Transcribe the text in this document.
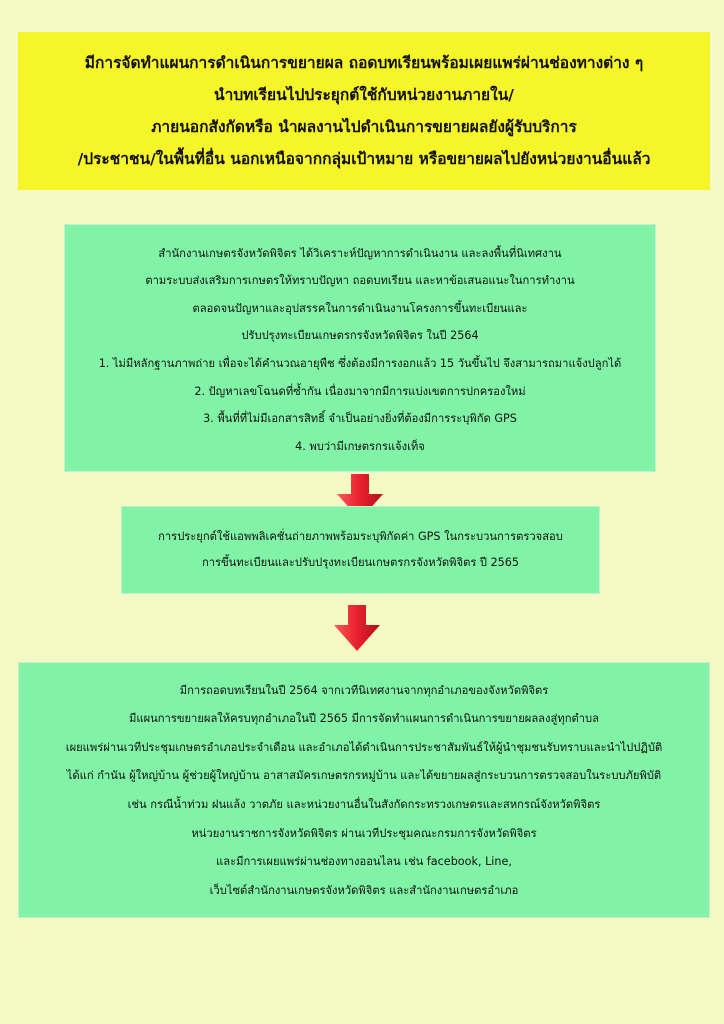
มีการจัดทำแผนการดำเนินการขยายผล ถอดบทเรียนพร้อมเผยแพร่ผ่านช่องทางต่าง ๆ
นำบทเรียนไปประยุกต์ใช้กับหน่วยงานภายใน/
ภายนอกสังกัดหรือ นำผลงานไปดำเนินการขยายผลยังผู้รับบริการ
/ประชาชน/ในพื้นที่อื่น นอกเหนือจากกลุ่มเป้าหมาย หรือขยายผลไปยังหน่วยงานอื่นแล้ว
สำนักงานเกษตรจังหวัดพิจิตร ได้วิเคราะห์ปัญหาการดำเนินงาน และลงพื้นที่นิเทศงาน
ตามระบบส่งเสริมการเกษตรให้ทราบปัญหา ถอดบทเรียน และหาข้อเสนอแนะในการทำงาน
ตลอดจนปัญหาและอุปสรรคในการดำเนินงานโครงการขึ้นทะเบียนและ
ปรับปรุงทะเบียนเกษตรกรจังหวัดพิจิตร ในปี 2564
1. ไม่มีหลักฐานภาพถ่าย เพื่อจะได้คำนวณอายุพืช ซึ่งต้องมีการงอกแล้ว 15 วันขึ้นไป จึงสามารถมาแจ้งปลูกได้
2. ปัญหาเลขโฉนดที่ซ้ำกัน เนื่องมาจากมีการแบ่งเขตการปกครองใหม่
3. พื้นที่ที่ไม่มีเอกสารสิทธิ์ จำเป็นอย่างยิ่งที่ต้องมีการระบุพิกัด GPS
4. พบว่ามีเกษตรกรแจ้งเท็จ
การประยุกต์ใช้แอพพลิเคชั่นถ่ายภาพพร้อมระบุพิกัดค่า GPS ในกระบวนการตรวจสอบ
การขึ้นทะเบียนและปรับปรุงทะเบียนเกษตรกรจังหวัดพิจิตร ปี 2565
มีการถอดบทเรียนในปี 2564 จากเวทีนิเทศงานจากทุกอำเภอของจังหวัดพิจิตร
มีแผนการขยายผลให้ครบทุกอำเภอในปี 2565 มีการจัดทำแผนการดำเนินการขยายผลลงสู่ทุกตำบล
เผยแพร่ผ่านเวทีประชุมเกษตรอำเภอประจำเดือน และอำเภอได้ดำเนินการประชาสัมพันธ์ให้ผู้นำชุมชนรับทราบและนำไปปฏิบัติ
ได้แก่ กำนัน ผู้ใหญ่บ้าน ผู้ช่วยผู้ใหญ่บ้าน อาสาสมัครเกษตรกรหมู่บ้าน และได้ขยายผลสู่กระบวนการตรวจสอบในระบบภัยพิบัติ
เช่น กรณีน้ำท่วม ฝนแล้ง วาตภัย และหน่วยงานอื่นในสังกัดกระทรวงเกษตรและสหกรณ์จังหวัดพิจิตร
หน่วยงานราชการจังหวัดพิจิตร ผ่านเวทีประชุมคณะกรมการจังหวัดพิจิตร
และมีการเผยแพร่ผ่านช่องทางออนไลน เช่น facebook, Line,
เว็บไซต์สำนักงานเกษตรจังหวัดพิจิตร และสำนักงานเกษตรอำเภอ
